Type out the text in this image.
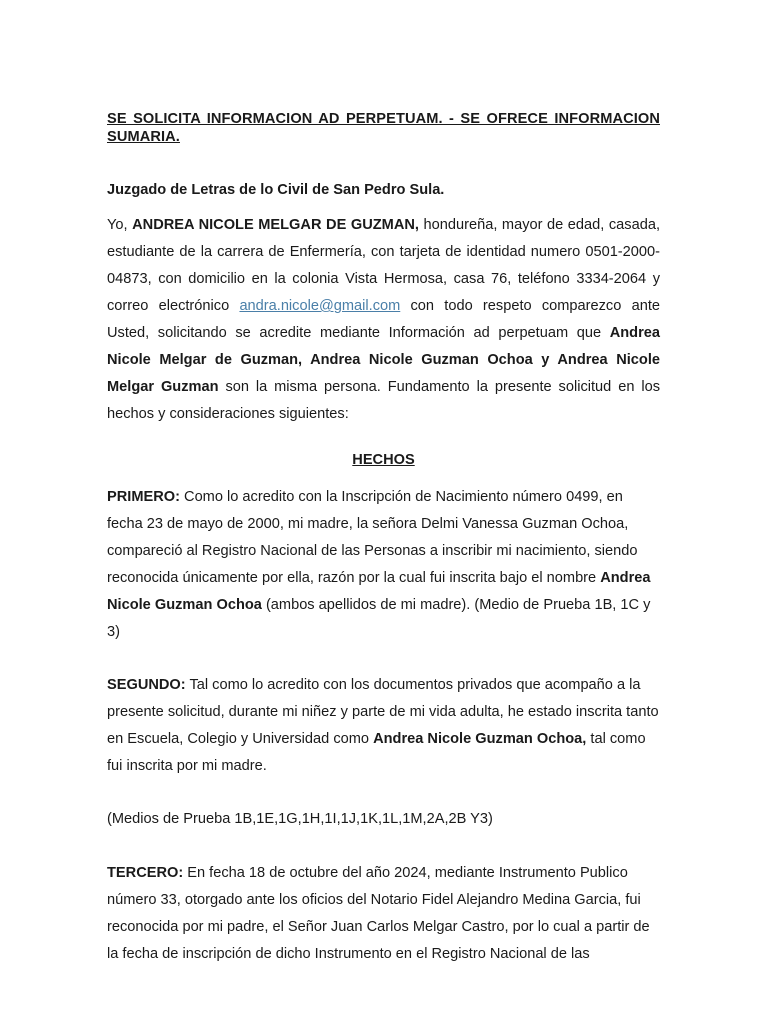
SE SOLICITA INFORMACION AD PERPETUAM. - SE OFRECE INFORMACION SUMARIA.

Juzgado de Letras de lo Civil de San Pedro Sula.

Yo, ANDREA NICOLE MELGAR DE GUZMAN, hondureña, mayor de edad, casada, estudiante de la carrera de Enfermería, con tarjeta de identidad numero 0501-2000-04873, con domicilio en la colonia Vista Hermosa, casa 76, teléfono 3334-2064 y correo electrónico andra.nicole@gmail.com con todo respeto comparezco ante Usted, solicitando se acredite mediante Información ad perpetuam que Andrea Nicole Melgar de Guzman, Andrea Nicole Guzman Ochoa y Andrea Nicole Melgar Guzman son la misma persona. Fundamento la presente solicitud en los hechos y consideraciones siguientes:

HECHOS

PRIMERO: Como lo acredito con la Inscripción de Nacimiento número 0499, en fecha 23 de mayo de 2000, mi madre, la señora Delmi Vanessa Guzman Ochoa, compareció al Registro Nacional de las Personas a inscribir mi nacimiento, siendo reconocida únicamente por ella, razón por la cual fui inscrita bajo el nombre Andrea Nicole Guzman Ochoa (ambos apellidos de mi madre). (Medio de Prueba 1B, 1C y 3)

SEGUNDO: Tal como lo acredito con los documentos privados que acompaño a la presente solicitud, durante mi niñez y parte de mi vida adulta, he estado inscrita tanto en Escuela, Colegio y Universidad como Andrea Nicole Guzman Ochoa, tal como fui inscrita por mi madre.

(Medios de Prueba 1B,1E,1G,1H,1I,1J,1K,1L,1M,2A,2B Y3)

TERCERO: En fecha 18 de octubre del año 2024, mediante Instrumento Publico número 33, otorgado ante los oficios del Notario Fidel Alejandro Medina Garcia, fui reconocida por mi padre, el Señor Juan Carlos Melgar Castro, por lo cual a partir de la fecha de inscripción de dicho Instrumento en el Registro Nacional de las
